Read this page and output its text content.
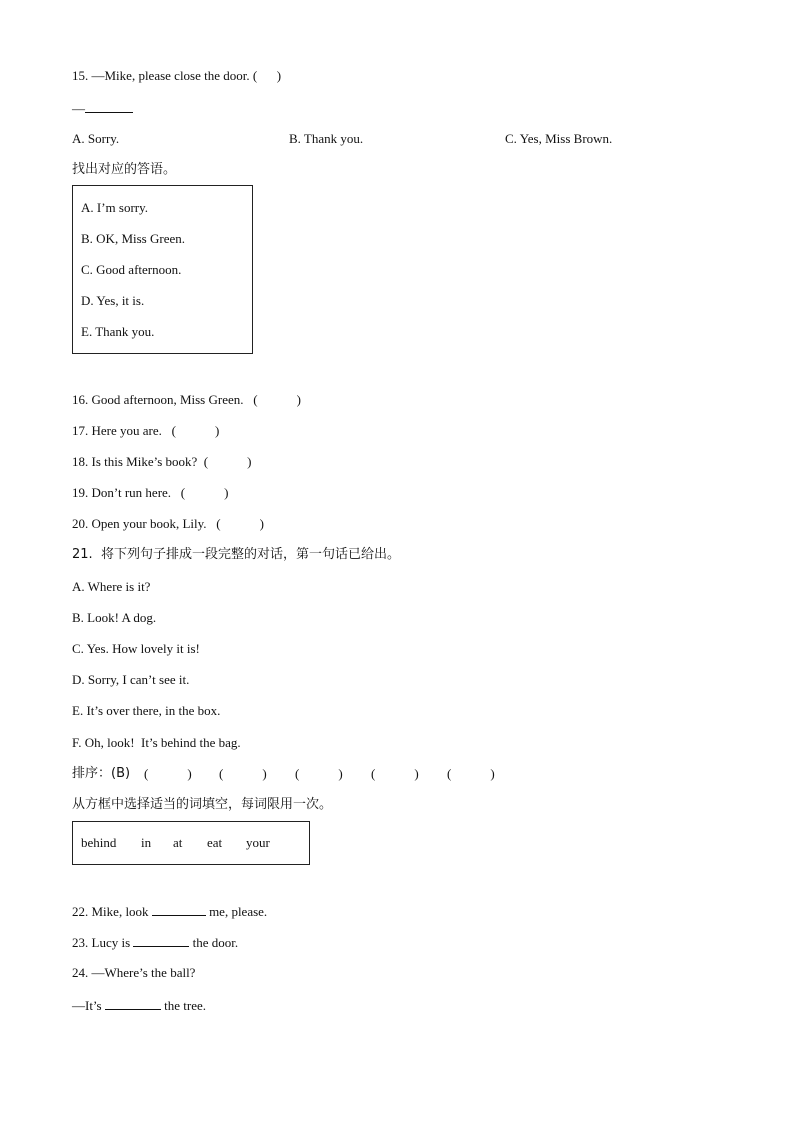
15. —Mike, please close the door. (      )
—
A. Sorry.	B. Thank you.	C. Yes, Miss Brown.
找出对应的答语。
A. I’m sorry.
B. OK, Miss Green.
C. Good afternoon.
D. Yes, it is.
E. Thank you.
16. Good afternoon, Miss Green.   (            )
17. Here you are.   (            )
18. Is this Mike’s book?  (            )
19. Don’t run here.   (            )
20. Open your book, Lily.   (            )
21.  将下列句子排成一段完整的对话，第一句话已给出。
A. Where is it?
B. Look! A dog.
C. Yes. How lovely it is!
D. Sorry, I can’t see it.
E. It’s over there, in the box.
F. Oh, look!  It’s behind the bag.
排序：(B) (            ) (            ) (            ) (            ) (            )
从方框中选择适当的词填空，每词限用一次。
behind in at eat your
22. Mike, look	me, please.
23. Lucy is	the door.
24. —Where’s the ball?
—It’s	the tree.
